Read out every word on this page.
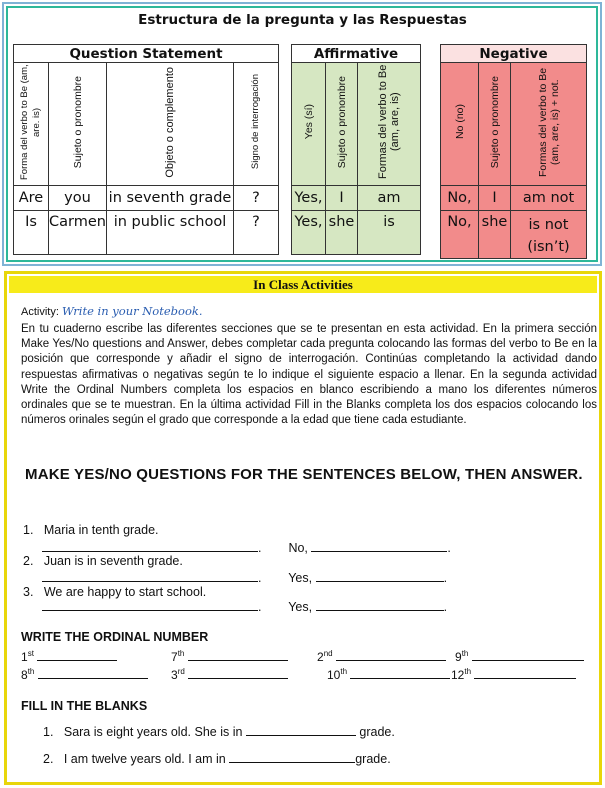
Estructura de la pregunta y las Respuestas
Question Statement			
Forma del verbo to Be (am, are. is)	Sujeto o pronombre	Objeto o complemento	Signo de interrogación
Are	you	in seventh grade	?
Is	Carmen	in public school	?
Affirmative		
Yes (sí)	Sujeto o pronombre	Formas del verbo to Be (am, are, is)
Yes,	I	am
Yes,	she	is
Negative		
No (no)	Sujeto o pronombre	Formas del verbo to Be (am, are, is) + not.
No,	I	am not
No,	she	is not (isn’t)
In Class Activities
Activity: Write in your Notebook.
En tu cuaderno escribe las diferentes secciones que se te presentan en esta actividad. En la primera sección Make Yes/No questions and Answer, debes completar cada pregunta colocando las formas del verbo to Be en la posición que corresponde y añadir el signo de interrogación. Continúas completando la actividad dando respuestas afirmativas o negativas según te lo indique el siguiente espacio a llenar. En la segunda actividad Write the Ordinal Numbers completa los espacios en blanco escribiendo a mano los diferentes números ordinales que se te muestran. En la última actividad Fill in the Blanks completa los dos espacios colocando los números orinales según el grado que corresponde a la edad que tiene cada estudiante.
MAKE YES/NO QUESTIONS FOR THE SENTENCES BELOW, THEN ANSWER.
1. Maria in tenth grade.
.  No,	.
2. Juan is in seventh grade.
.  Yes,	.
3. We are happy to start school.
.  Yes,	.
WRITE THE ORDINAL NUMBER
1st	7th	2nd	9th
8th	3rd	10th	12th
FILL IN THE BLANKS
1. Sara is eight years old. She is in	grade.
2. I am twelve years old. I am in	grade.
